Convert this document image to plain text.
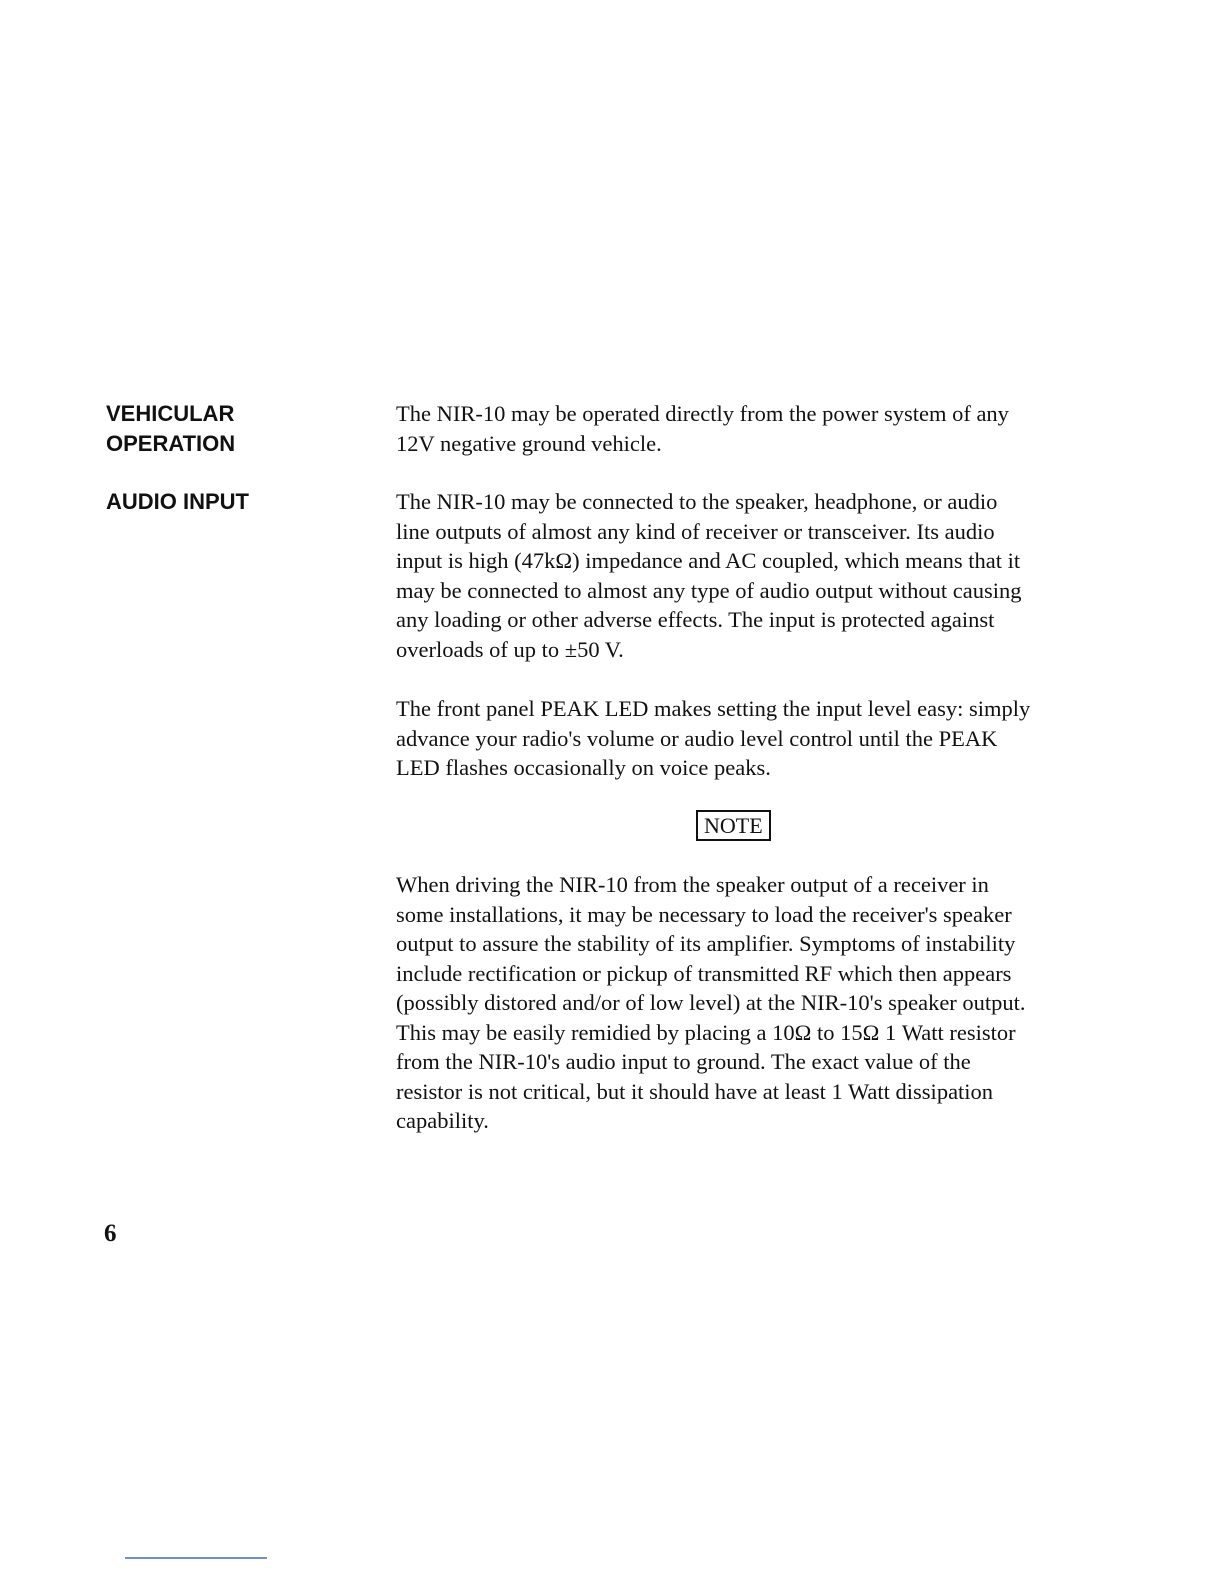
VEHICULAR
OPERATION

The NIR-10 may be operated directly from the power system of any
12V negative ground vehicle.

AUDIO INPUT	The NIR-10 may be connected to the speaker, headphone, or audio
line outputs of almost any kind of receiver or transceiver. Its audio
input is high (47kΩ) impedance and AC coupled, which means that it
may be connected to almost any type of audio output without causing
any loading or other adverse effects. The input is protected against
overloads of up to ±50 V.

The front panel PEAK LED makes setting the input level easy: simply
advance your radio's volume or audio level control until the PEAK
LED flashes occasionally on voice peaks.

NOTE

When driving the NIR-10 from the speaker output of a receiver in
some installations, it may be necessary to load the receiver's speaker
output to assure the stability of its amplifier. Symptoms of instability
include rectification or pickup of transmitted RF which then appears
(possibly distored and/or of low level) at the NIR-10's speaker output.
This may be easily remidied by placing a 10Ω to 15Ω 1 Watt resistor
from the NIR-10's audio input to ground. The exact value of the
resistor is not critical, but it should have at least 1 Watt dissipation
capability.

6
